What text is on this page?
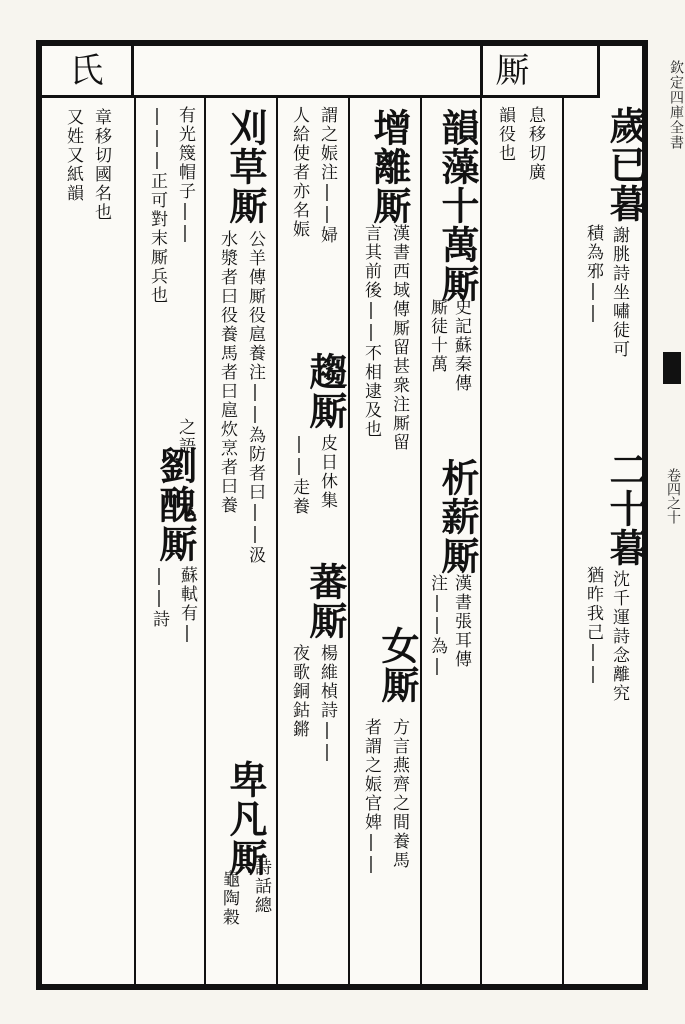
氏	厮
歲已暮
謝朓詩坐嘯徒可
積為邪||
二十暮
沈千運詩念離究
猶昨我己||
息移切廣
韻役也
韻藻十萬厮
史記蘇秦傳
厮徒十萬
析薪厮
漢書張耳傳
注||為|
增離厮
漢書西域傳厮留甚衆注厮留
言其前後||不相逮及也
女厮
方言燕齊之間養馬
者謂之娠官婢||
謂之娠注||婦
人給使者亦名娠
趨厮
皮日休集
||走養
蕃厮
楊維楨詩||
夜歌銅鈷鏘
刈草厮
公羊傳厮役扈養注||為防者曰||汲
水漿者曰役養馬者曰扈炊烹者曰養
卑凡厮
詩話總
龜陶穀
有光篾帽子||
之語
|||正可對末厮兵也
劉醜厮
蘇軾有|
||詩
章移切國名也
又姓又紙韻
欽定四庫全書
卷四之十
